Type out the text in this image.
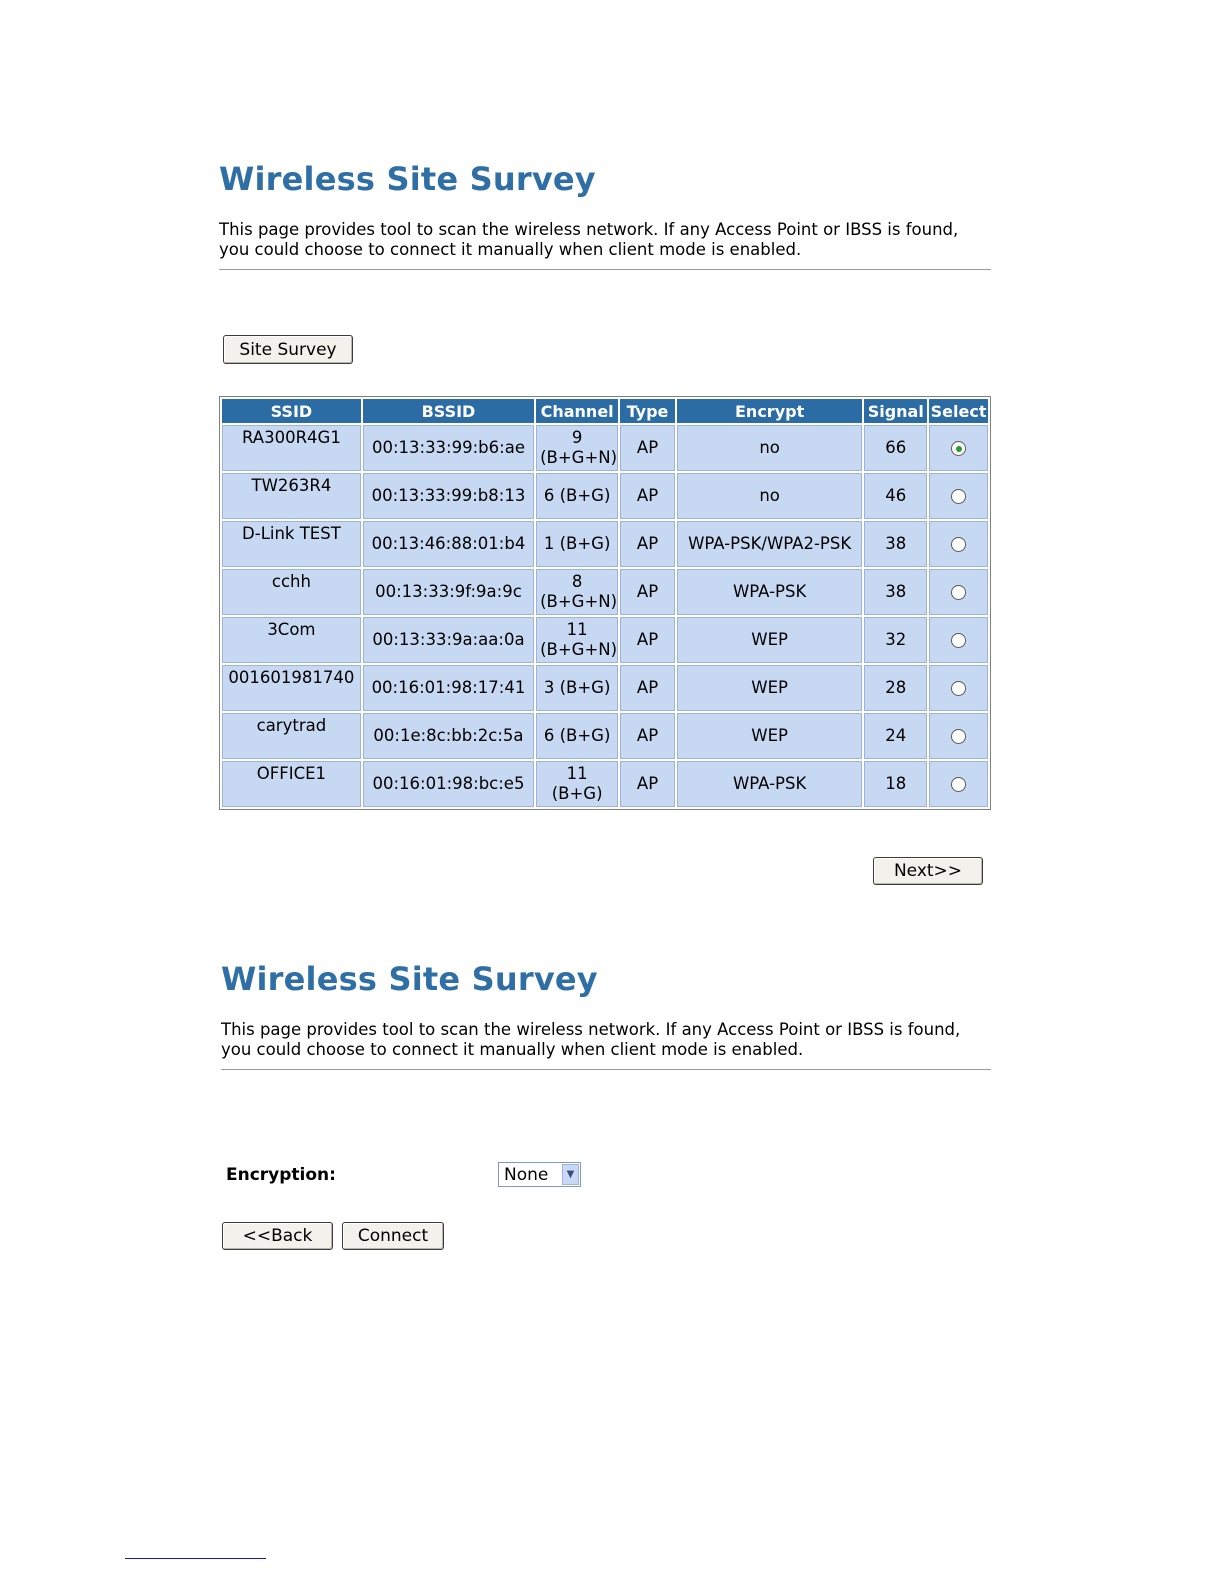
Wireless Site Survey

This page provides tool to scan the wireless network. If any Access Point or IBSS is found,
you could choose to connect it manually when client mode is enabled.

Site Survey
SSID	BSSID	Channel	Type	Encrypt	Signal	Select
RA300R4G1	00:13:33:99:b6:ae	9 (B+G+N)	AP	no	66	
TW263R4	00:13:33:99:b8:13	6 (B+G)	AP	no	46	
D-Link TEST	00:13:46:88:01:b4	1 (B+G)	AP	WPA-PSK/WPA2-PSK	38	
cchh	00:13:33:9f:9a:9c	8 (B+G+N)	AP	WPA-PSK	38	
3Com	00:13:33:9a:aa:0a	11 (B+G+N)	AP	WEP	32	
001601981740	00:16:01:98:17:41	3 (B+G)	AP	WEP	28	
carytrad	00:1e:8c:bb:2c:5a	6 (B+G)	AP	WEP	24	
OFFICE1	00:16:01:98:bc:e5	11 (B+G)	AP	WPA-PSK	18	
Next>>
Wireless Site Survey

This page provides tool to scan the wireless network. If any Access Point or IBSS is found,
you could choose to connect it manually when client mode is enabled.

Encryption:	None	▼
<<Back	Connect
